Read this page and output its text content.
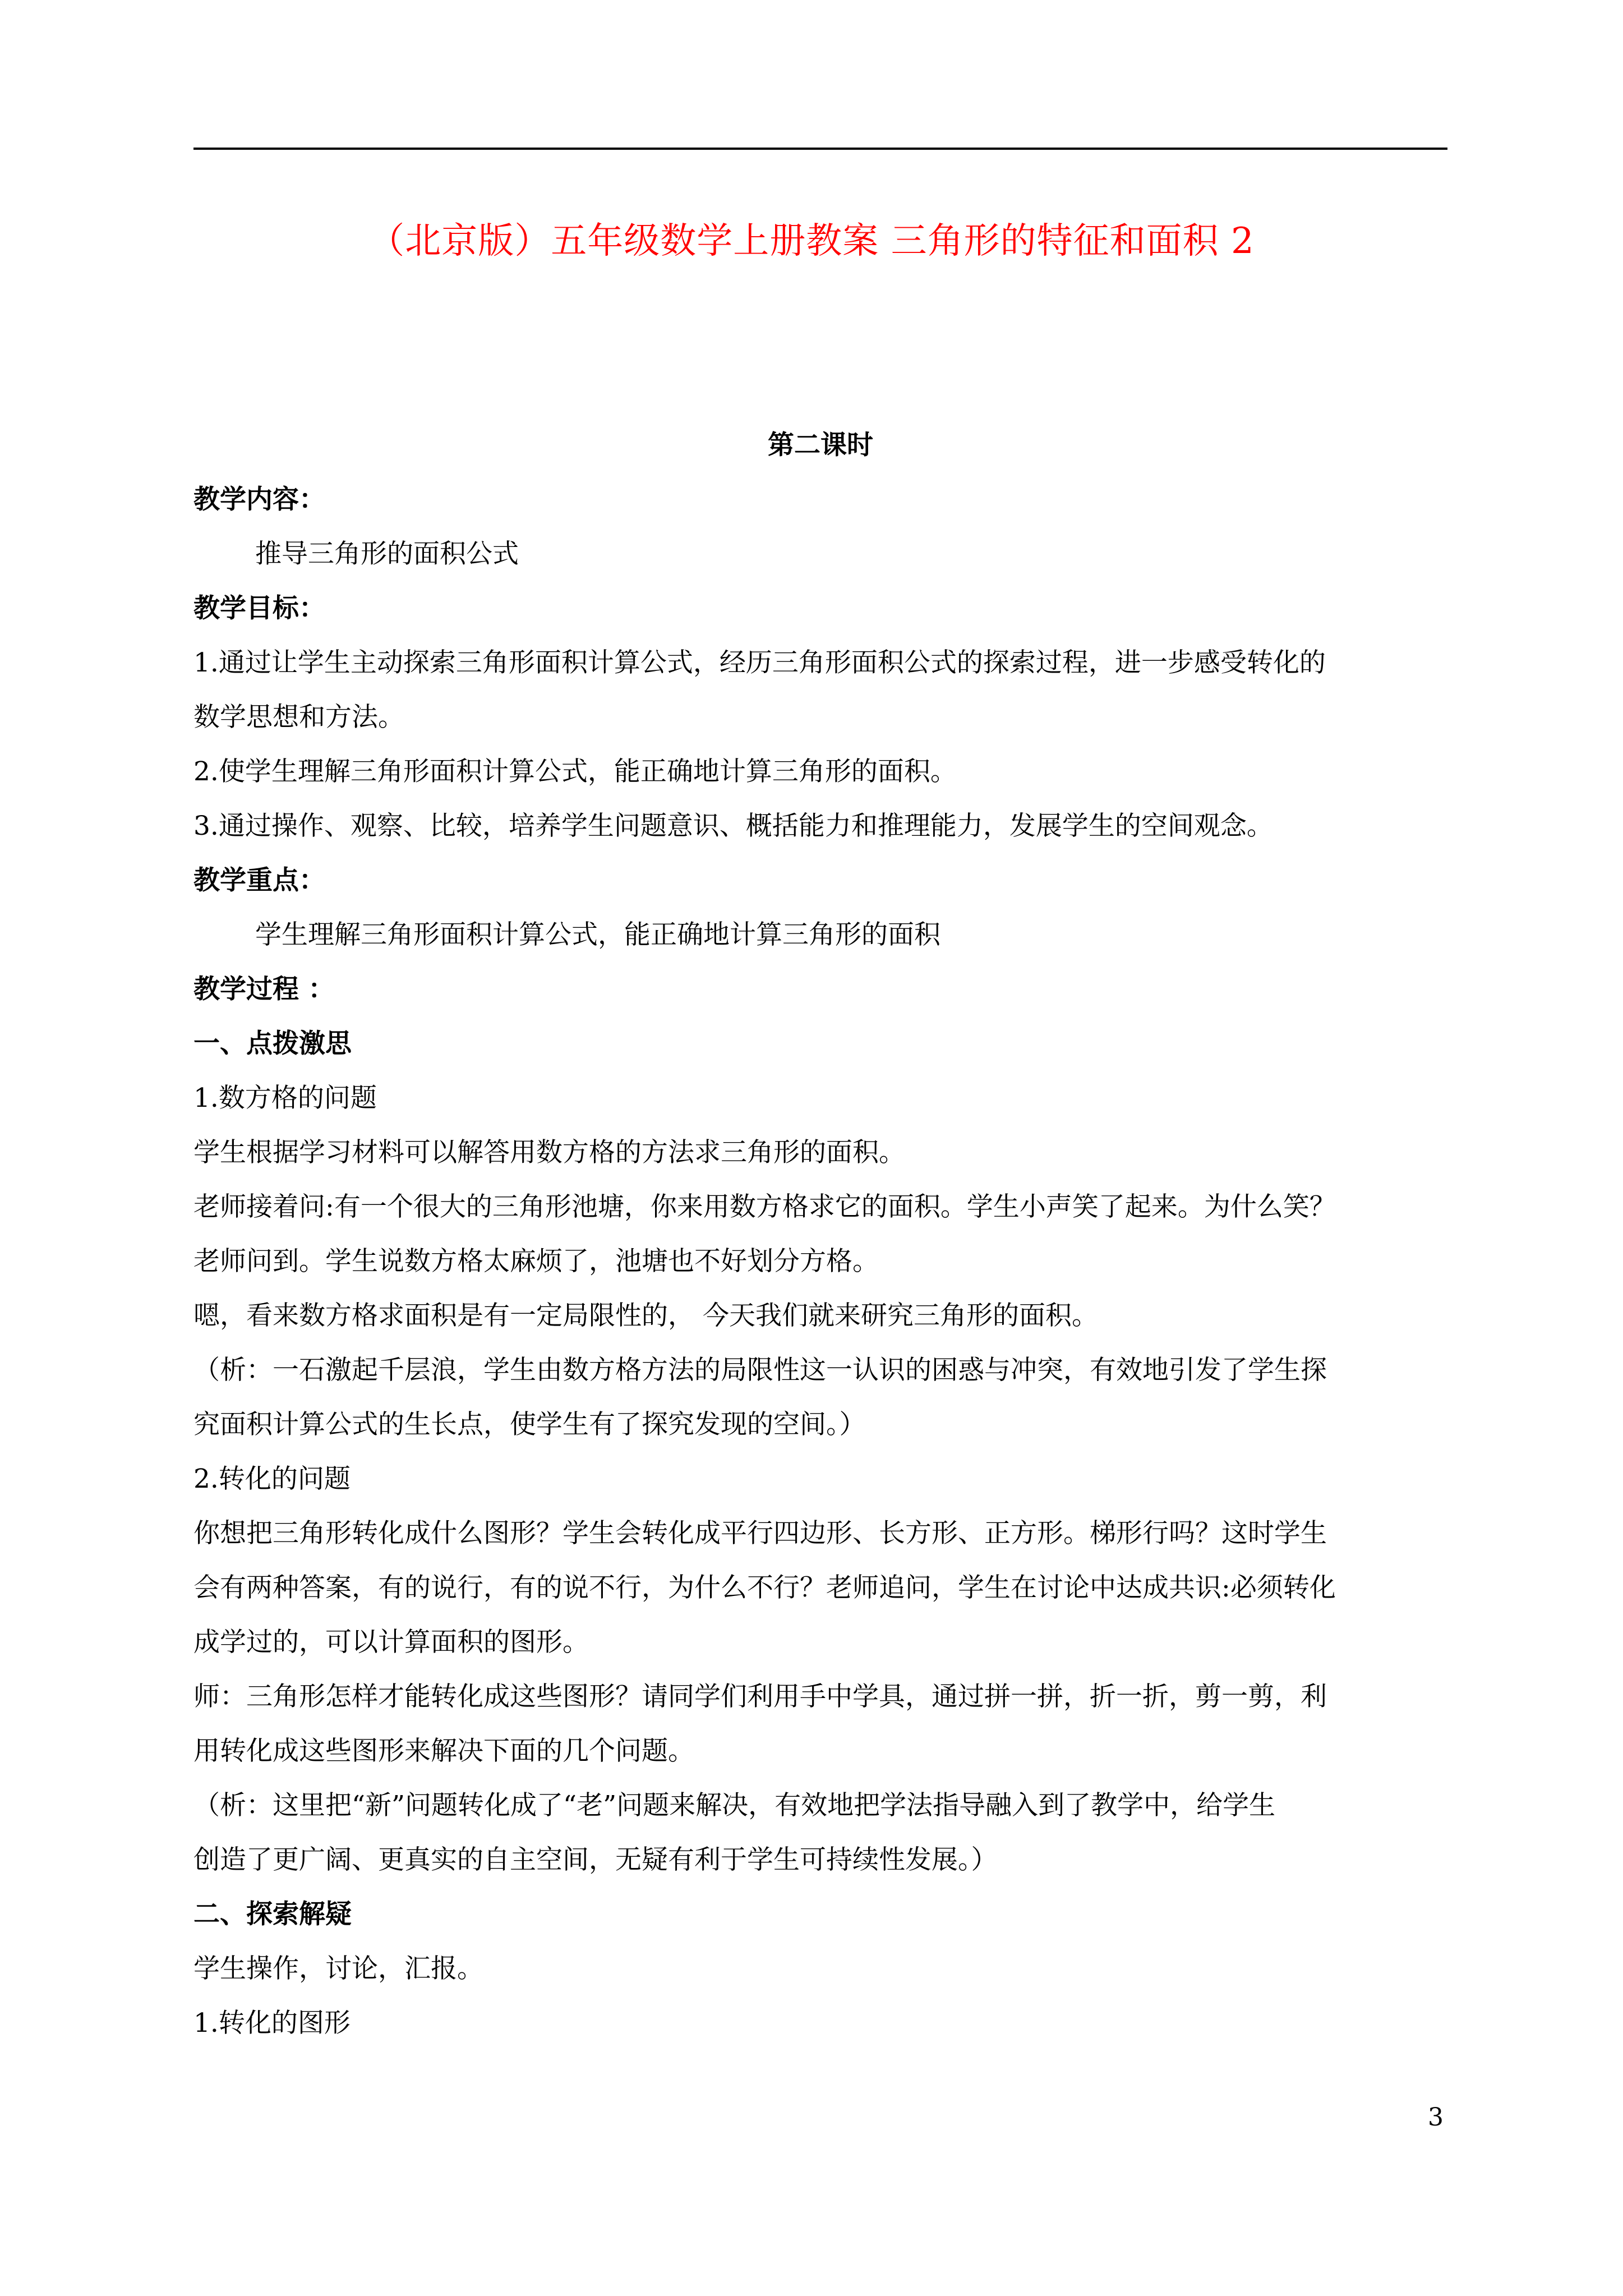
（北京版）五年级数学上册教案 三角形的特征和面积 2

第二课时

教学内容：

推导三角形的面积公式

教学目标：

1.通过让学生主动探索三角形面积计算公式，经历三角形面积公式的探索过程，进一步感受转化的

数学思想和方法。

2.使学生理解三角形面积计算公式，能正确地计算三角形的面积。

3.通过操作、观察、比较，培养学生问题意识、概括能力和推理能力，发展学生的空间观念。

教学重点：

学生理解三角形面积计算公式，能正确地计算三角形的面积

教学过程 ：

一、点拨激思

1.数方格的问题

学生根据学习材料可以解答用数方格的方法求三角形的面积。

老师接着问:有一个很大的三角形池塘，你来用数方格求它的面积。学生小声笑了起来。为什么笑？

老师问到。学生说数方格太麻烦了，池塘也不好划分方格。

嗯，看来数方格求面积是有一定局限性的， 今天我们就来研究三角形的面积。

（析：一石激起千层浪，学生由数方格方法的局限性这一认识的困惑与冲突，有效地引发了学生探

究面积计算公式的生长点，使学生有了探究发现的空间。）

2.转化的问题

你想把三角形转化成什么图形？学生会转化成平行四边形、长方形、正方形。梯形行吗？这时学生

会有两种答案，有的说行，有的说不行，为什么不行？老师追问，学生在讨论中达成共识:必须转化

成学过的，可以计算面积的图形。

师：三角形怎样才能转化成这些图形？请同学们利用手中学具，通过拼一拼，折一折，剪一剪，利

用转化成这些图形来解决下面的几个问题。

（析：这里把“新”问题转化成了“老”问题来解决，有效地把学法指导融入到了教学中，给学生

创造了更广阔、更真实的自主空间，无疑有利于学生可持续性发展。）

二、探索解疑

学生操作，讨论，汇报。

1.转化的图形

3
